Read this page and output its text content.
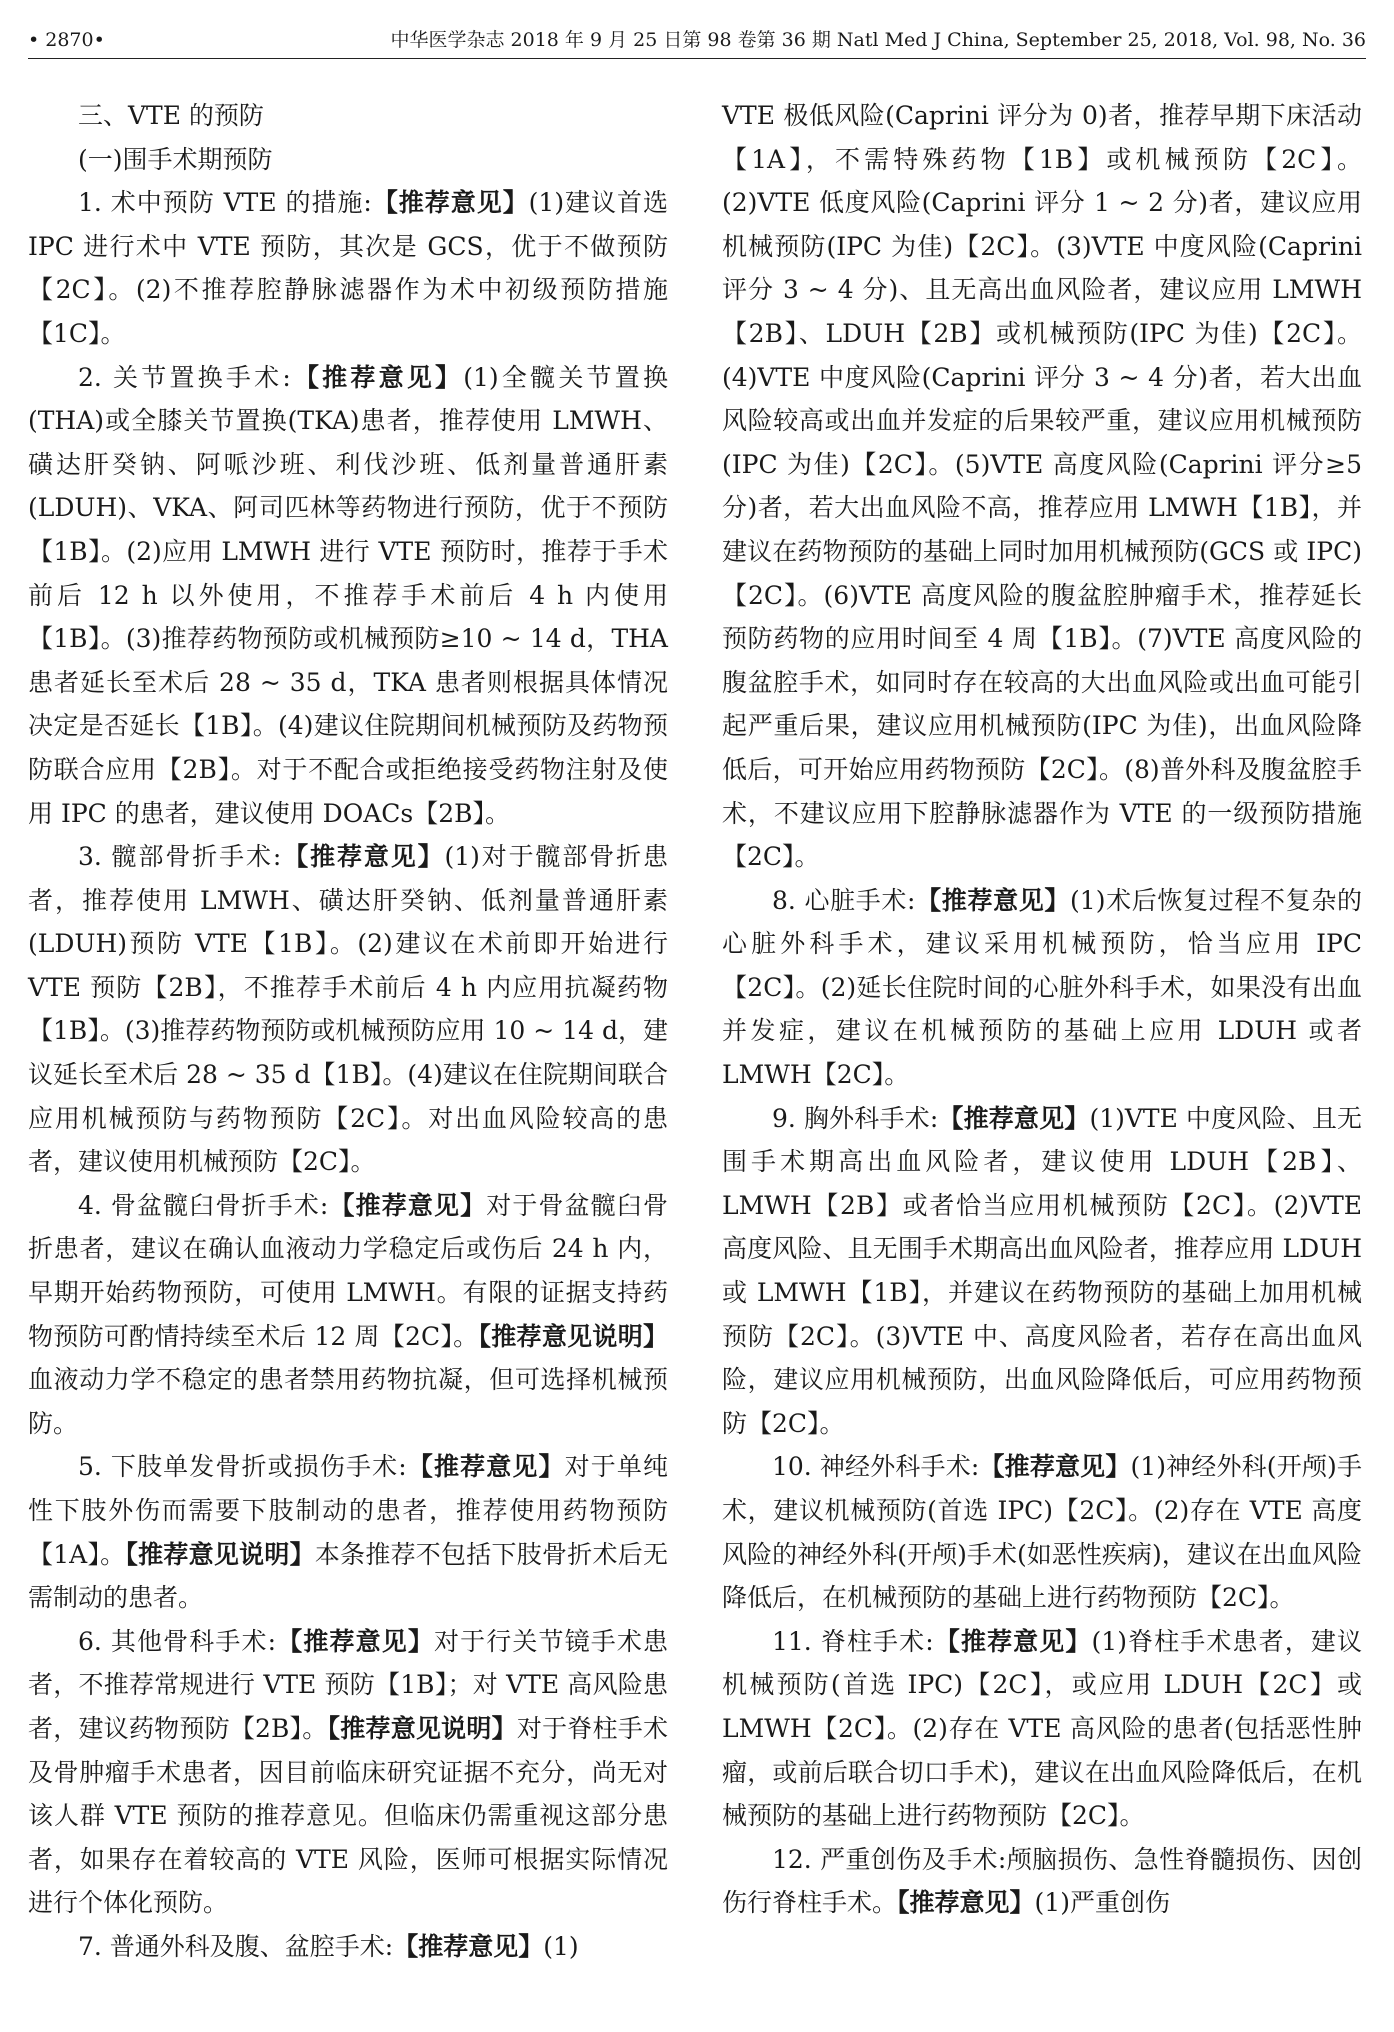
• 2870•	中华医学杂志 2018 年 9 月 25 日第 98 卷第 36 期 Natl Med J China, September 25, 2018, Vol. 98, No. 36
三、VTE 的预防
(一)围手术期预防

1. 术中预防 VTE 的措施:【推荐意见】(1)建议首选 IPC 进行术中 VTE 预防，其次是 GCS，优于不做预防【2C】。(2)不推荐腔静脉滤器作为术中初级预防措施【1C】。

2. 关节置换手术:【推荐意见】(1)全髋关节置换(THA)或全膝关节置换(TKA)患者，推荐使用 LMWH、磺达肝癸钠、阿哌沙班、利伐沙班、低剂量普通肝素(LDUH)、VKA、阿司匹林等药物进行预防，优于不预防【1B】。(2)应用 LMWH 进行 VTE 预防时，推荐于手术前后 12 h 以外使用，不推荐手术前后 4 h 内使用【1B】。(3)推荐药物预防或机械预防≥10 ~ 14 d，THA 患者延长至术后 28 ~ 35 d，TKA 患者则根据具体情况决定是否延长【1B】。(4)建议住院期间机械预防及药物预防联合应用【2B】。对于不配合或拒绝接受药物注射及使用 IPC 的患者，建议使用 DOACs【2B】。

3. 髋部骨折手术:【推荐意见】(1)对于髋部骨折患者，推荐使用 LMWH、磺达肝癸钠、低剂量普通肝素(LDUH)预防 VTE【1B】。(2)建议在术前即开始进行 VTE 预防【2B】，不推荐手术前后 4 h 内应用抗凝药物【1B】。(3)推荐药物预防或机械预防应用 10 ~ 14 d，建议延长至术后 28 ~ 35 d【1B】。(4)建议在住院期间联合应用机械预防与药物预防【2C】。对出血风险较高的患者，建议使用机械预防【2C】。

4. 骨盆髋臼骨折手术:【推荐意见】对于骨盆髋臼骨折患者，建议在确认血液动力学稳定后或伤后 24 h 内，早期开始药物预防，可使用 LMWH。有限的证据支持药物预防可酌情持续至术后 12 周【2C】。【推荐意见说明】血液动力学不稳定的患者禁用药物抗凝，但可选择机械预防。

5. 下肢单发骨折或损伤手术:【推荐意见】对于单纯性下肢外伤而需要下肢制动的患者，推荐使用药物预防【1A】。【推荐意见说明】本条推荐不包括下肢骨折术后无需制动的患者。

6. 其他骨科手术:【推荐意见】对于行关节镜手术患者，不推荐常规进行 VTE 预防【1B】；对 VTE 高风险患者，建议药物预防【2B】。【推荐意见说明】对于脊柱手术及骨肿瘤手术患者，因目前临床研究证据不充分，尚无对该人群 VTE 预防的推荐意见。但临床仍需重视这部分患者，如果存在着较高的 VTE 风险，医师可根据实际情况进行个体化预防。

7. 普通外科及腹、盆腔手术:【推荐意见】(1)

VTE 极低风险(Caprini 评分为 0)者，推荐早期下床活动【1A】，不需特殊药物【1B】或机械预防【2C】。(2)VTE 低度风险(Caprini 评分 1 ~ 2 分)者，建议应用机械预防(IPC 为佳)【2C】。(3)VTE 中度风险(Caprini 评分 3 ~ 4 分)、且无高出血风险者，建议应用 LMWH【2B】、LDUH【2B】或机械预防(IPC 为佳)【2C】。(4)VTE 中度风险(Caprini 评分 3 ~ 4 分)者，若大出血风险较高或出血并发症的后果较严重，建议应用机械预防(IPC 为佳)【2C】。(5)VTE 高度风险(Caprini 评分≥5 分)者，若大出血风险不高，推荐应用 LMWH【1B】，并建议在药物预防的基础上同时加用机械预防(GCS 或 IPC)【2C】。(6)VTE 高度风险的腹盆腔肿瘤手术，推荐延长预防药物的应用时间至 4 周【1B】。(7)VTE 高度风险的腹盆腔手术，如同时存在较高的大出血风险或出血可能引起严重后果，建议应用机械预防(IPC 为佳)，出血风险降低后，可开始应用药物预防【2C】。(8)普外科及腹盆腔手术，不建议应用下腔静脉滤器作为 VTE 的一级预防措施【2C】。

8. 心脏手术:【推荐意见】(1)术后恢复过程不复杂的心脏外科手术，建议采用机械预防，恰当应用 IPC【2C】。(2)延长住院时间的心脏外科手术，如果没有出血并发症，建议在机械预防的基础上应用 LDUH 或者 LMWH【2C】。

9. 胸外科手术:【推荐意见】(1)VTE 中度风险、且无围手术期高出血风险者，建议使用 LDUH【2B】、LMWH【2B】或者恰当应用机械预防【2C】。(2)VTE 高度风险、且无围手术期高出血风险者，推荐应用 LDUH 或 LMWH【1B】，并建议在药物预防的基础上加用机械预防【2C】。(3)VTE 中、高度风险者，若存在高出血风险，建议应用机械预防，出血风险降低后，可应用药物预防【2C】。

10. 神经外科手术:【推荐意见】(1)神经外科(开颅)手术，建议机械预防(首选 IPC)【2C】。(2)存在 VTE 高度风险的神经外科(开颅)手术(如恶性疾病)，建议在出血风险降低后，在机械预防的基础上进行药物预防【2C】。

11. 脊柱手术:【推荐意见】(1)脊柱手术患者，建议机械预防(首选 IPC)【2C】，或应用 LDUH【2C】或 LMWH【2C】。(2)存在 VTE 高风险的患者(包括恶性肿瘤，或前后联合切口手术)，建议在出血风险降低后，在机械预防的基础上进行药物预防【2C】。

12. 严重创伤及手术:颅脑损伤、急性脊髓损伤、因创伤行脊柱手术。【推荐意见】(1)严重创伤
